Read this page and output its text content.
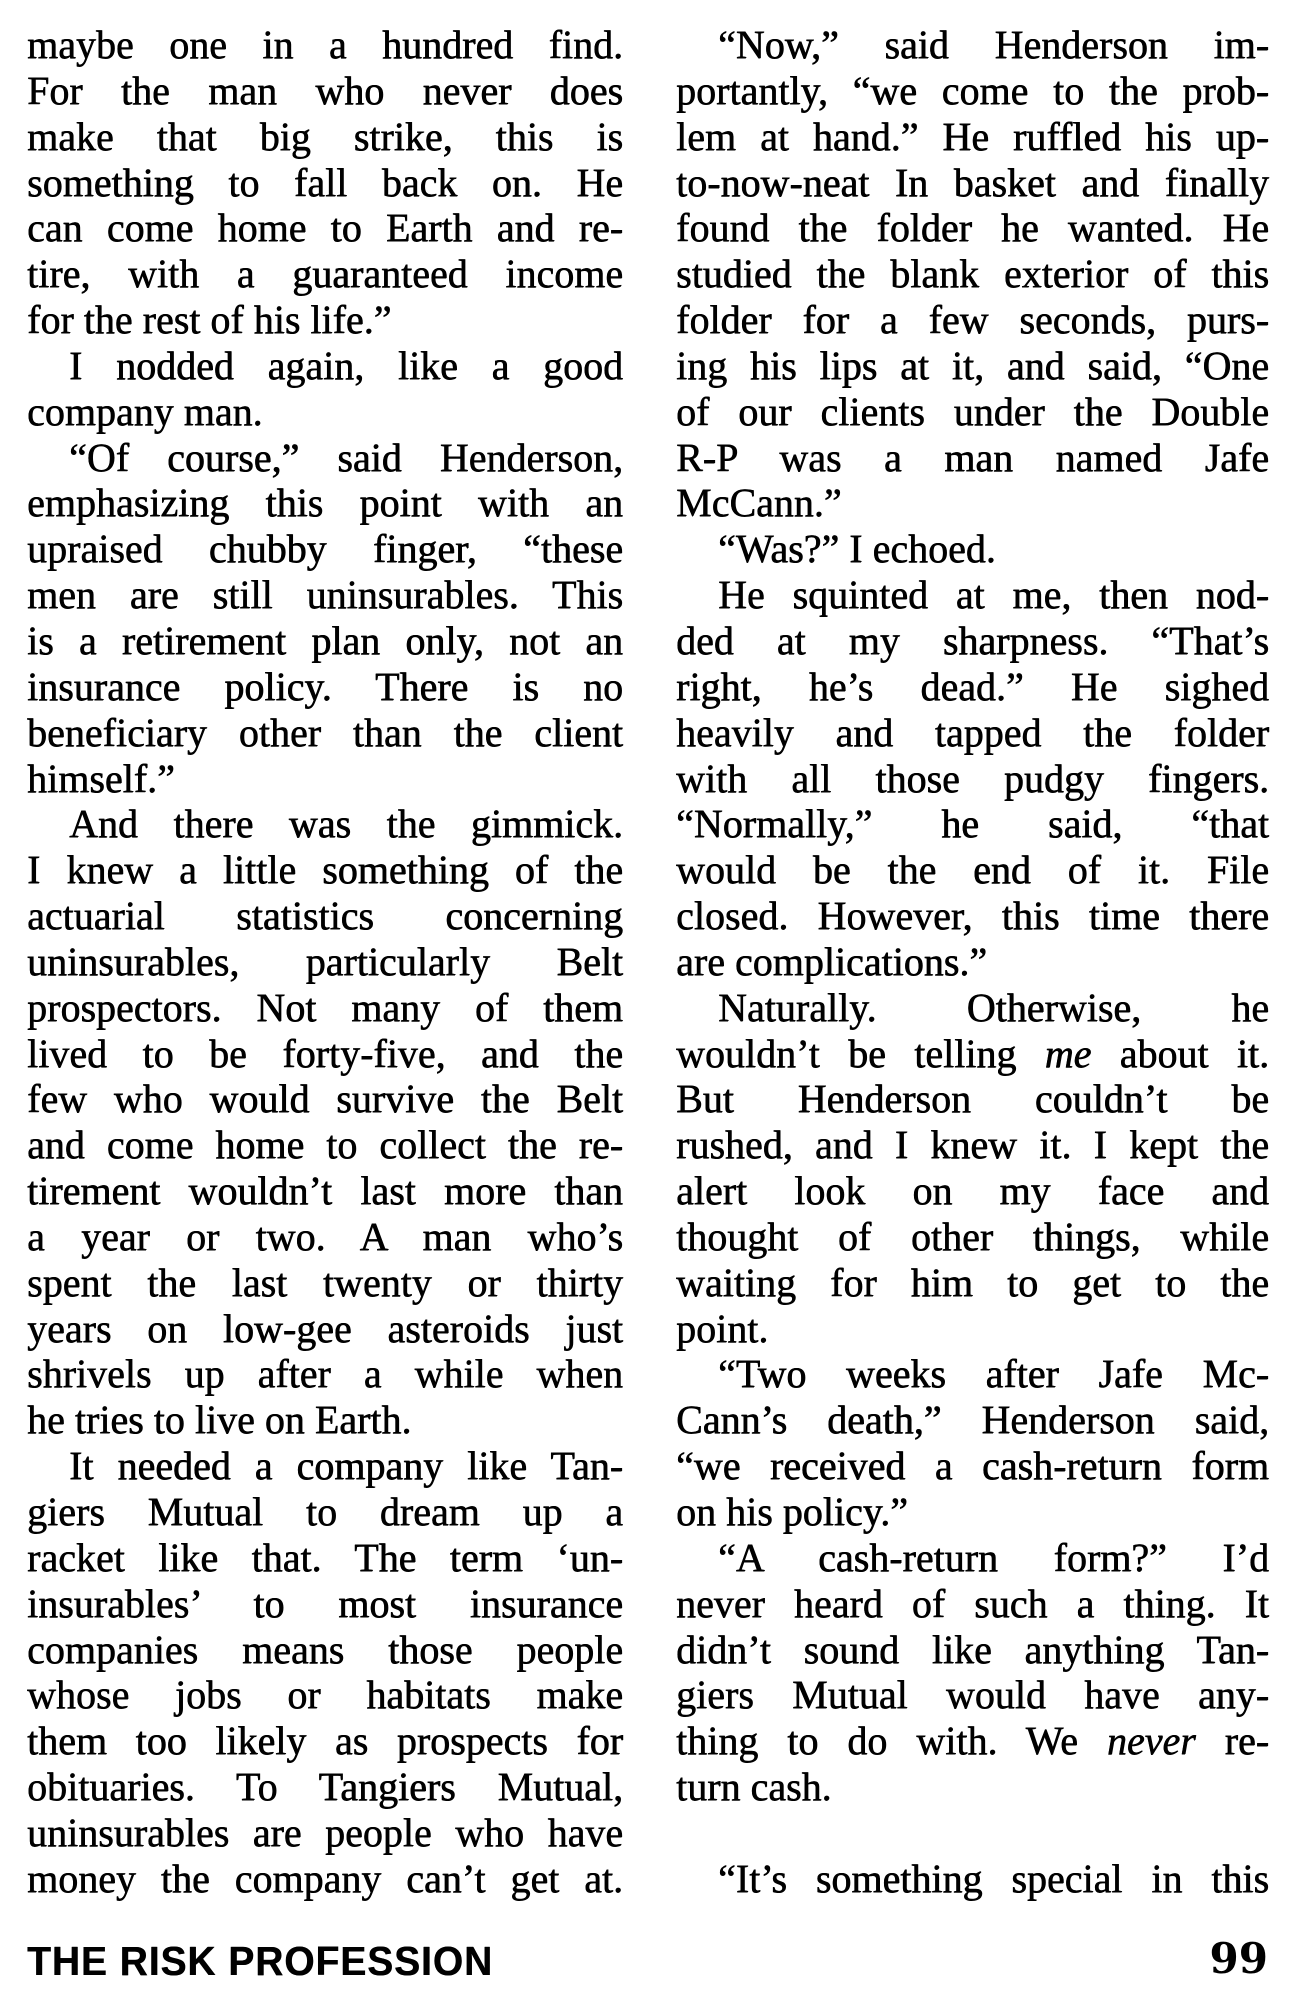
maybe one in a hundred find.
For the man who never does
make that big strike, this is
something to fall back on. He
can come home to Earth and re-
tire, with a guaranteed income
for the rest of his life.”
I nodded again, like a good
company man.
“Of course,” said Henderson,
emphasizing this point with an
upraised chubby finger, “these
men are still uninsurables. This
is a retirement plan only, not an
insurance policy. There is no
beneficiary other than the client
himself.”
And there was the gimmick.
I knew a little something of the
actuarial statistics concerning
uninsurables, particularly Belt
prospectors. Not many of them
lived to be forty-five, and the
few who would survive the Belt
and come home to collect the re-
tirement wouldn’t last more than
a year or two. A man who’s
spent the last twenty or thirty
years on low-gee asteroids just
shrivels up after a while when
he tries to live on Earth.
It needed a company like Tan-
giers Mutual to dream up a
racket like that. The term ‘un-
insurables’ to most insurance
companies means those people
whose jobs or habitats make
them too likely as prospects for
obituaries. To Tangiers Mutual,
uninsurables are people who have
money the company can’t get at.
“Now,” said Henderson im-
portantly, “we come to the prob-
lem at hand.” He ruffled his up-
to-now-neat In basket and finally
found the folder he wanted. He
studied the blank exterior of this
folder for a few seconds, purs-
ing his lips at it, and said, “One
of our clients under the Double
R-P was a man named Jafe
McCann.”
“Was?” I echoed.
He squinted at me, then nod-
ded at my sharpness. “That’s
right, he’s dead.” He sighed
heavily and tapped the folder
with all those pudgy fingers.
“Normally,” he said, “that
would be the end of it. File
closed. However, this time there
are complications.”
Naturally. Otherwise, he
wouldn’t be telling me about it.
But Henderson couldn’t be
rushed, and I knew it. I kept the
alert look on my face and
thought of other things, while
waiting for him to get to the
point.
“Two weeks after Jafe Mc-
Cann’s death,” Henderson said,
“we received a cash-return form
on his policy.”
“A cash-return form?” I’d
never heard of such a thing. It
didn’t sound like anything Tan-
giers Mutual would have any-
thing to do with. We never re-
turn cash.

“It’s something special in this
THE RISK PROFESSION	99
